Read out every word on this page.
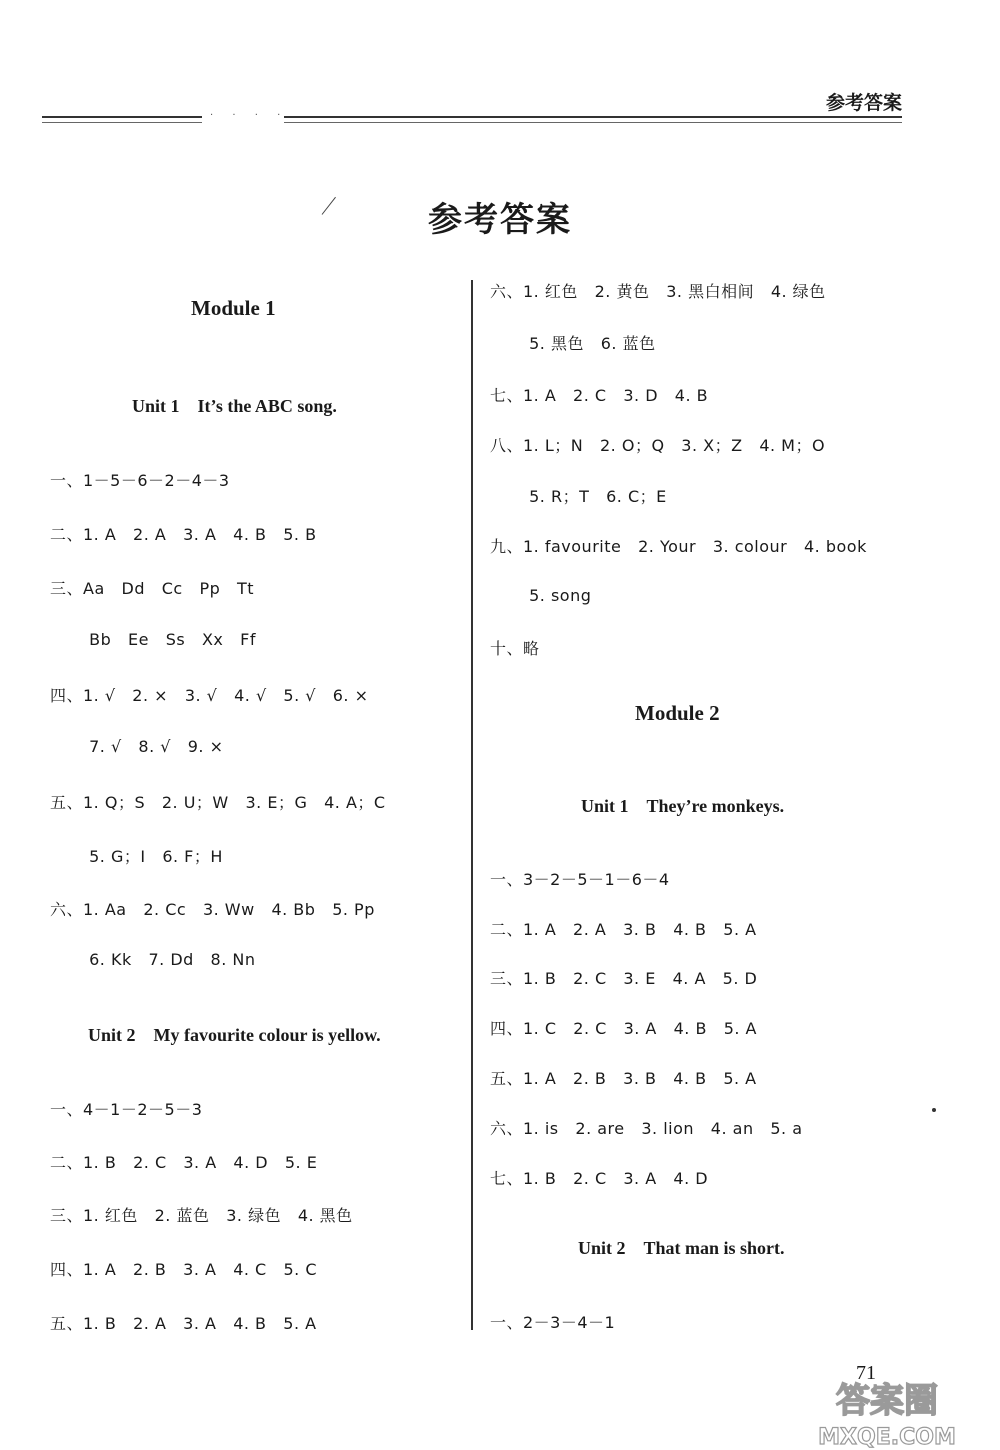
· · · ·
参考答案
参考答案
Module 1
Unit 1　It’s the ABC song.
一、1－5－6－2－4－3
二、1. A   2. A   3. A   4. B   5. B
三、Aa   Dd   Cc   Pp   Tt
Bb   Ee   Ss   Xx   Ff
四、1. √   2. ×   3. √   4. √   5. √   6. ×
7. √   8. √   9. ×
五、1. Q；S   2. U；W   3. E；G   4. A；C
5. G；I   6. F；H
六、1. Aa   2. Cc   3. Ww   4. Bb   5. Pp
6. Kk   7. Dd   8. Nn
Unit 2　My favourite colour is yellow.
一、4－1－2－5－3
二、1. B   2. C   3. A   4. D   5. E
三、1. 红色   2. 蓝色   3. 绿色   4. 黑色
四、1. A   2. B   3. A   4. C   5. C
五、1. B   2. A   3. A   4. B   5. A
六、1. 红色   2. 黄色   3. 黑白相间   4. 绿色
5. 黑色   6. 蓝色
七、1. A   2. C   3. D   4. B
八、1. L；N   2. O；Q   3. X；Z   4. M；O
5. R；T   6. C；E
九、1. favourite   2. Your   3. colour   4. book
5. song
十、略
Module 2
Unit 1　They’re monkeys.
一、3－2－5－1－6－4
二、1. A   2. A   3. B   4. B   5. A
三、1. B   2. C   3. E   4. A   5. D
四、1. C   2. C   3. A   4. B   5. A
五、1. A   2. B   3. B   4. B   5. A
六、1. is   2. are   3. lion   4. an   5. a
七、1. B   2. C   3. A   4. D
Unit 2　That man is short.
一、2－3－4－1
71
答案圈
MXQE.COM
